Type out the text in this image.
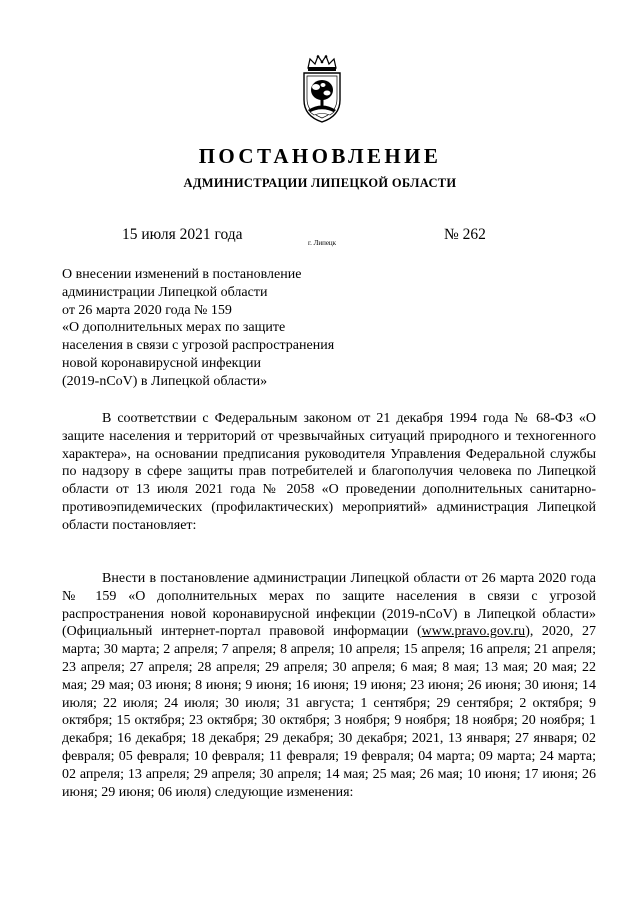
ПОСТАНОВЛЕНИЕ
АДМИНИСТРАЦИИ ЛИПЕЦКОЙ ОБЛАСТИ
15 июля 2021 года	г. Липецк	№ 262
О внесении изменений в постановление
администрации Липецкой области
от 26 марта 2020 года № 159
«О дополнительных мерах по защите
населения в связи с угрозой распространения
новой коронавирусной инфекции
(2019-nCoV) в Липецкой области»

В соответствии с Федеральным законом от 21 декабря 1994 года № 68-ФЗ «О защите населения и территорий от чрезвычайных ситуаций природного и техногенного характера», на основании предписания руководителя Управления Федеральной службы по надзору в сфере защиты прав потребителей и благополучия человека по Липецкой области от 13 июля 2021 года № 2058 «О проведении дополнительных санитарно-противоэпидемических (профилактических) мероприятий» администрация Липецкой области постановляет:

Внести в постановление администрации Липецкой области от 26 марта 2020 года № 159 «О дополнительных мерах по защите населения в связи с угрозой распространения новой коронавирусной инфекции (2019-nCoV) в Липецкой области» (Официальный интернет-портал правовой информации (www.pravo.gov.ru), 2020, 27 марта; 30 марта; 2 апреля; 7 апреля; 8 апреля; 10 апреля; 15 апреля; 16 апреля; 21 апреля; 23 апреля; 27 апреля; 28 апреля; 29 апреля; 30 апреля; 6 мая; 8 мая; 13 мая; 20 мая; 22 мая; 29 мая; 03 июня; 8 июня; 9 июня; 16 июня; 19 июня; 23 июня; 26 июня; 30 июня; 14 июля; 22 июля; 24 июля; 30 июля; 31 августа; 1 сентября; 29 сентября; 2 октября; 9 октября; 15 октября; 23 октября; 30 октября; 3 ноября; 9 ноября; 18 ноября; 20 ноября; 1 декабря; 16 декабря; 18 декабря; 29 декабря; 30 декабря; 2021, 13 января; 27 января; 02 февраля; 05 февраля; 10 февраля; 11 февраля; 19 февраля; 04 марта; 09 марта; 24 марта; 02 апреля; 13 апреля; 29 апреля; 30 апреля; 14 мая; 25 мая; 26 мая; 10 июня; 17 июня; 26 июня; 29 июня; 06 июля) следующие изменения:
